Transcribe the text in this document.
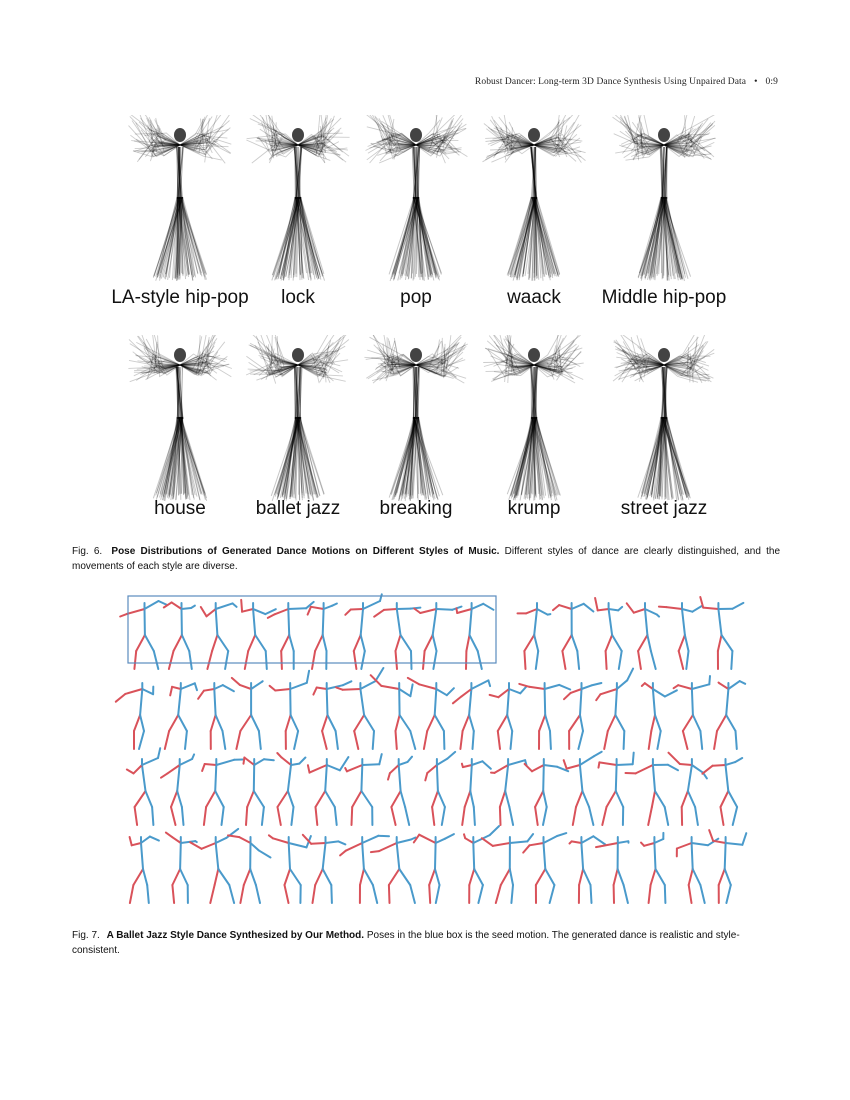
Robust Dancer: Long-term 3D Dance Synthesis Using Unpaired Data • 0:9
LA-style hip-pop	lock	pop	waack	Middle hip-pop
house	ballet jazz	breaking	krump	street jazz
Fig. 6. Pose Distributions of Generated Dance Motions on Different Styles of Music. Different styles of dance are clearly distinguished, and the movements of each style are diverse.
Fig. 7. A Ballet Jazz Style Dance Synthesized by Our Method. Poses in the blue box is the seed motion. The generated dance is realistic and style-consistent.
